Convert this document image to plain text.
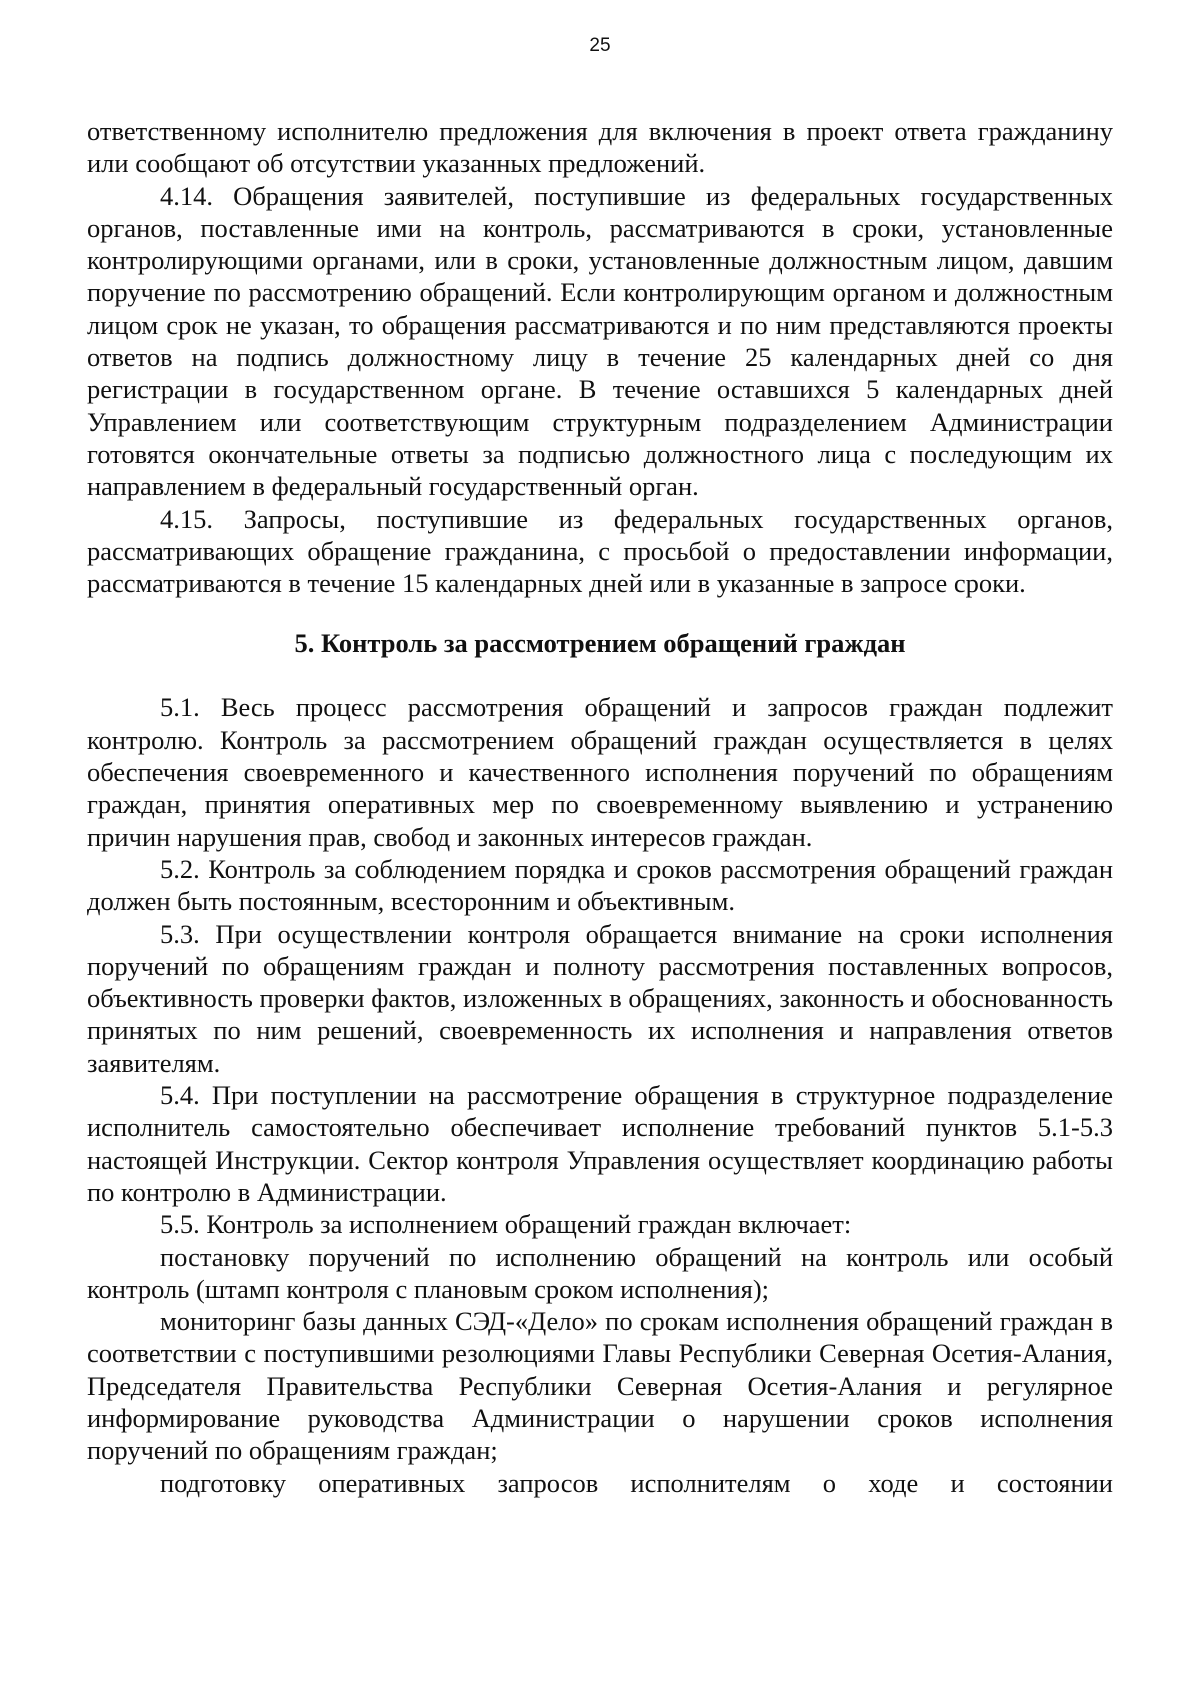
25

ответственному исполнителю предложения для включения в проект ответа гражданину или сообщают об отсутствии указанных предложений.

4.14. Обращения заявителей, поступившие из федеральных государственных органов, поставленные ими на контроль, рассматриваются в сроки, установленные контролирующими органами, или в сроки, установленные должностным лицом, давшим поручение по рассмотрению обращений. Если контролирующим органом и должностным лицом срок не указан, то обращения рассматриваются и по ним представляются проекты ответов на подпись должностному лицу в течение 25 календарных дней со дня регистрации в государственном органе. В течение оставшихся 5 календарных дней Управлением или соответствующим структурным подразделением Администрации готовятся окончательные ответы за подписью должностного лица с последующим их направлением в федеральный государственный орган.

4.15. Запросы, поступившие из федеральных государственных органов, рассматривающих обращение гражданина, с просьбой о предоставлении информации, рассматриваются в течение 15 календарных дней или в указанные в запросе сроки.

5. Контроль за рассмотрением обращений граждан

5.1. Весь процесс рассмотрения обращений и запросов граждан подлежит контролю. Контроль за рассмотрением обращений граждан осуществляется в целях обеспечения своевременного и качественного исполнения поручений по обращениям граждан, принятия оперативных мер по своевременному выявлению и устранению причин нарушения прав, свобод и законных интересов граждан.

5.2. Контроль за соблюдением порядка и сроков рассмотрения обращений граждан должен быть постоянным, всесторонним и объективным.

5.3. При осуществлении контроля обращается внимание на сроки исполнения поручений по обращениям граждан и полноту рассмотрения поставленных вопросов, объективность проверки фактов, изложенных в обращениях, законность и обоснованность принятых по ним решений, своевременность их исполнения и направления ответов заявителям.

5.4. При поступлении на рассмотрение обращения в структурное подразделение исполнитель самостоятельно обеспечивает исполнение требований пунктов 5.1-5.3 настоящей Инструкции. Сектор контроля Управления осуществляет координацию работы по контролю в Администрации.

5.5. Контроль за исполнением обращений граждан включает:

постановку поручений по исполнению обращений на контроль или особый контроль (штамп контроля с плановым сроком исполнения);

мониторинг базы данных СЭД-«Дело» по срокам исполнения обращений граждан в соответствии с поступившими резолюциями Главы Республики Северная Осетия-Алания, Председателя Правительства Республики Северная Осетия-Алания и регулярное информирование руководства Администрации о нарушении сроков исполнения поручений по обращениям граждан;

подготовку оперативных запросов исполнителям о ходе и состоянии
